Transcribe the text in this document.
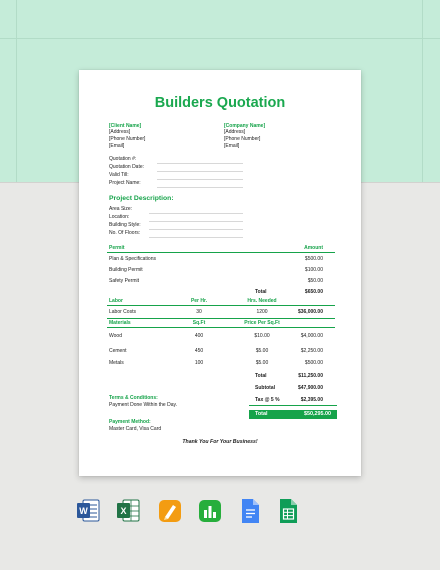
Builders Quotation
[Client Name]
[Address]
[Phone Number]
[Email]
[Company Name]
[Address]
[Phone Number]
[Email]
Quotation #:
Quotation Date:
Valid Till:
Project Name:
Project Description:
Area Size:
Location:
Building Style:
No. Of Floors:
Permit	Amount
Plan & Specifications	$500.00
Building Permit	$100.00
Safety Permit	$50.00
Total	$650.00
Labor	Per Hr.	Hrs. Needed
Labor Costs	30	1200	$36,000.00
Materials	Sq.Ft	Price Per Sq.Ft
Wood	400	$10.00	$4,000.00
Cement	450	$5.00	$2,250.00
Metals	100	$5.00	$500.00
Total	$11,250.00
Subtotal	$47,900.00
Terms & Conditions:
Payment Done Within the Day.
Tax @ 5 %	$2,395.00
Total	$50,295.00
Payment Method:
Master Card, Visa Card
Thank You For Your Business!
W	X
